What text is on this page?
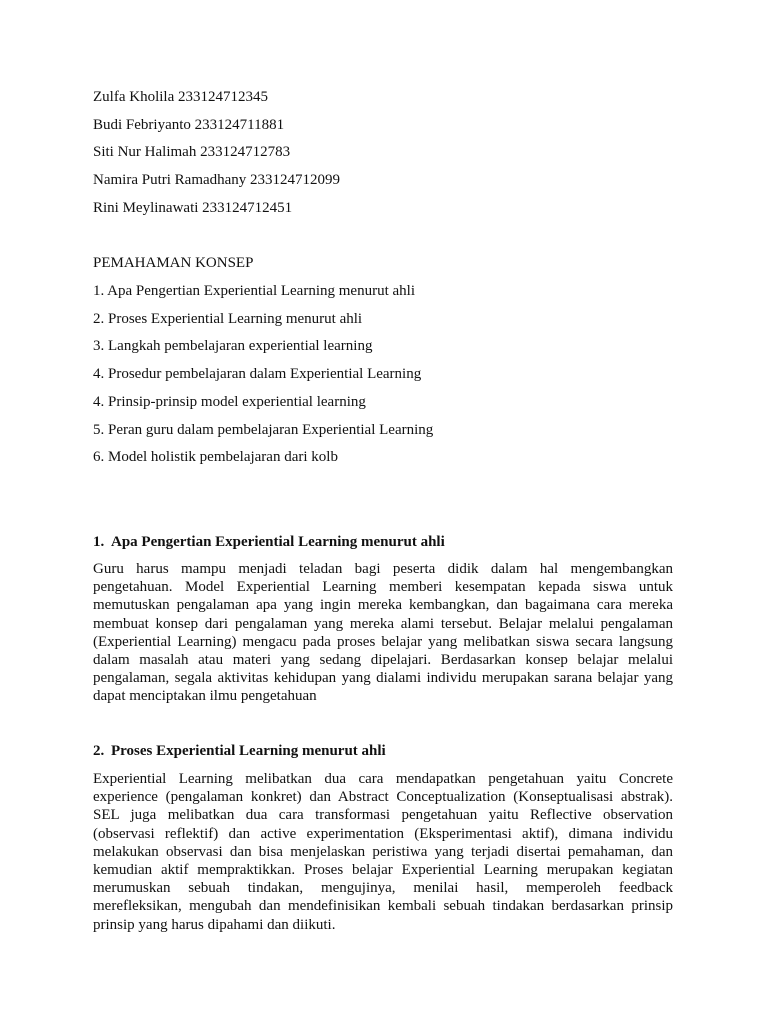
Zulfa Kholila 233124712345

Budi Febriyanto 233124711881

Siti Nur Halimah 233124712783

Namira Putri Ramadhany 233124712099

Rini Meylinawati 233124712451

PEMAHAMAN KONSEP

1. Apa Pengertian Experiential Learning menurut ahli

2. Proses Experiential Learning menurut ahli

3. Langkah pembelajaran experiential learning

4. Prosedur pembelajaran dalam Experiential Learning

4. Prinsip-prinsip model experiential learning

5. Peran guru dalam pembelajaran Experiential Learning

6. Model holistik pembelajaran dari kolb

1. Apa Pengertian Experiential Learning menurut ahli
Guru harus mampu menjadi teladan bagi peserta didik dalam hal mengembangkan
pengetahuan. Model Experiential Learning memberi kesempatan kepada siswa untuk
memutuskan pengalaman apa yang ingin mereka kembangkan, dan bagaimana cara mereka
membuat konsep dari pengalaman yang mereka alami tersebut. Belajar melalui pengalaman
(Experiential Learning) mengacu pada proses belajar yang melibatkan siswa secara langsung
dalam masalah atau materi yang sedang dipelajari. Berdasarkan konsep belajar melalui
pengalaman, segala aktivitas kehidupan yang dialami individu merupakan sarana belajar yang
dapat menciptakan ilmu pengetahuan
2. Proses Experiential Learning menurut ahli
Experiential Learning melibatkan dua cara mendapatkan pengetahuan yaitu Concrete
experience (pengalaman konkret) dan Abstract Conceptualization (Konseptualisasi abstrak).
SEL juga melibatkan dua cara transformasi pengetahuan yaitu Reflective observation
(observasi reflektif) dan active experimentation (Eksperimentasi aktif), dimana individu
melakukan observasi dan bisa menjelaskan peristiwa yang terjadi disertai pemahaman, dan
kemudian aktif mempraktikkan. Proses belajar Experiential Learning merupakan kegiatan
merumuskan sebuah tindakan, mengujinya, menilai hasil, memperoleh feedback
merefleksikan, mengubah dan mendefinisikan kembali sebuah tindakan berdasarkan prinsip
prinsip yang harus dipahami dan diikuti.
